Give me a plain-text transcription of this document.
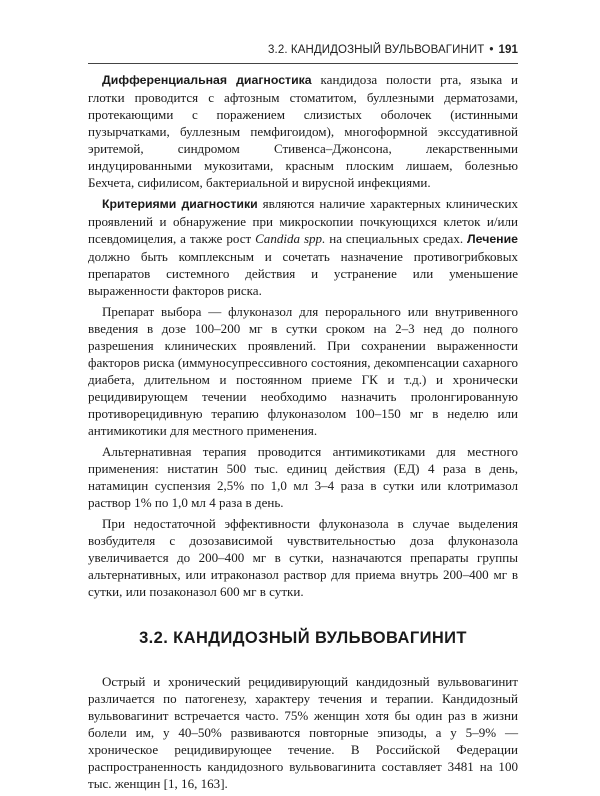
3.2. КАНДИДОЗНЫЙ ВУЛЬВОВАГИНИТ • 191

Дифференциальная диагностика кандидоза полости рта, языка и глотки проводится с афтозным стоматитом, буллезными дерматозами, протекающими с поражением слизистых оболочек (истинными пузырчатками, буллезным пемфигоидом), многоформной экссудативной эритемой, синдромом Стивенса–Джонсона, лекарственными индуцированными мукозитами, красным плоским лишаем, болезнью Бехчета, сифилисом, бактериальной и вирусной инфекциями.

Критериями диагностики являются наличие характерных клинических проявлений и обнаружение при микроскопии почкующихся клеток и/или псевдомицелия, а также рост Candida spp. на специальных средах. Лечение должно быть комплексным и сочетать назначение противогрибковых препаратов системного действия и устранение или уменьшение выраженности факторов риска.

Препарат выбора — флуконазол для перорального или внутривенного введения в дозе 100–200 мг в сутки сроком на 2–3 нед до полного разрешения клинических проявлений. При сохранении выраженности факторов риска (иммуносупрессивного состояния, декомпенсации сахарного диабета, длительном и постоянном приеме ГК и т.д.) и хронически рецидивирующем течении необходимо назначить пролонгированную противорецидивную терапию флуконазолом 100–150 мг в неделю или антимикотики для местного применения.

Альтернативная терапия проводится антимикотиками для местного применения: нистатин 500 тыс. единиц действия (ЕД) 4 раза в день, натамицин суспензия 2,5% по 1,0 мл 3–4 раза в сутки или клотримазол раствор 1% по 1,0 мл 4 раза в день.

При недостаточной эффективности флуконазола в случае выделения возбудителя с дозозависимой чувствительностью доза флуконазола увеличивается до 200–400 мг в сутки, назначаются препараты группы альтернативных, или итраконазол раствор для приема внутрь 200–400 мг в сутки, или позаконазол 600 мг в сутки.

3.2. КАНДИДОЗНЫЙ ВУЛЬВОВАГИНИТ

Острый и хронический рецидивирующий кандидозный вульвовагинит различается по патогенезу, характеру течения и терапии. Кандидозный вульвовагинит встречается часто. 75% женщин хотя бы один раз в жизни болели им, у 40–50% развиваются повторные эпизоды, а у 5–9% — хроническое рецидивирующее течение. В Российской Федерации распространенность кандидозного вульвовагинита составляет 3481 на 100 тыс. женщин [1, 16, 163].
